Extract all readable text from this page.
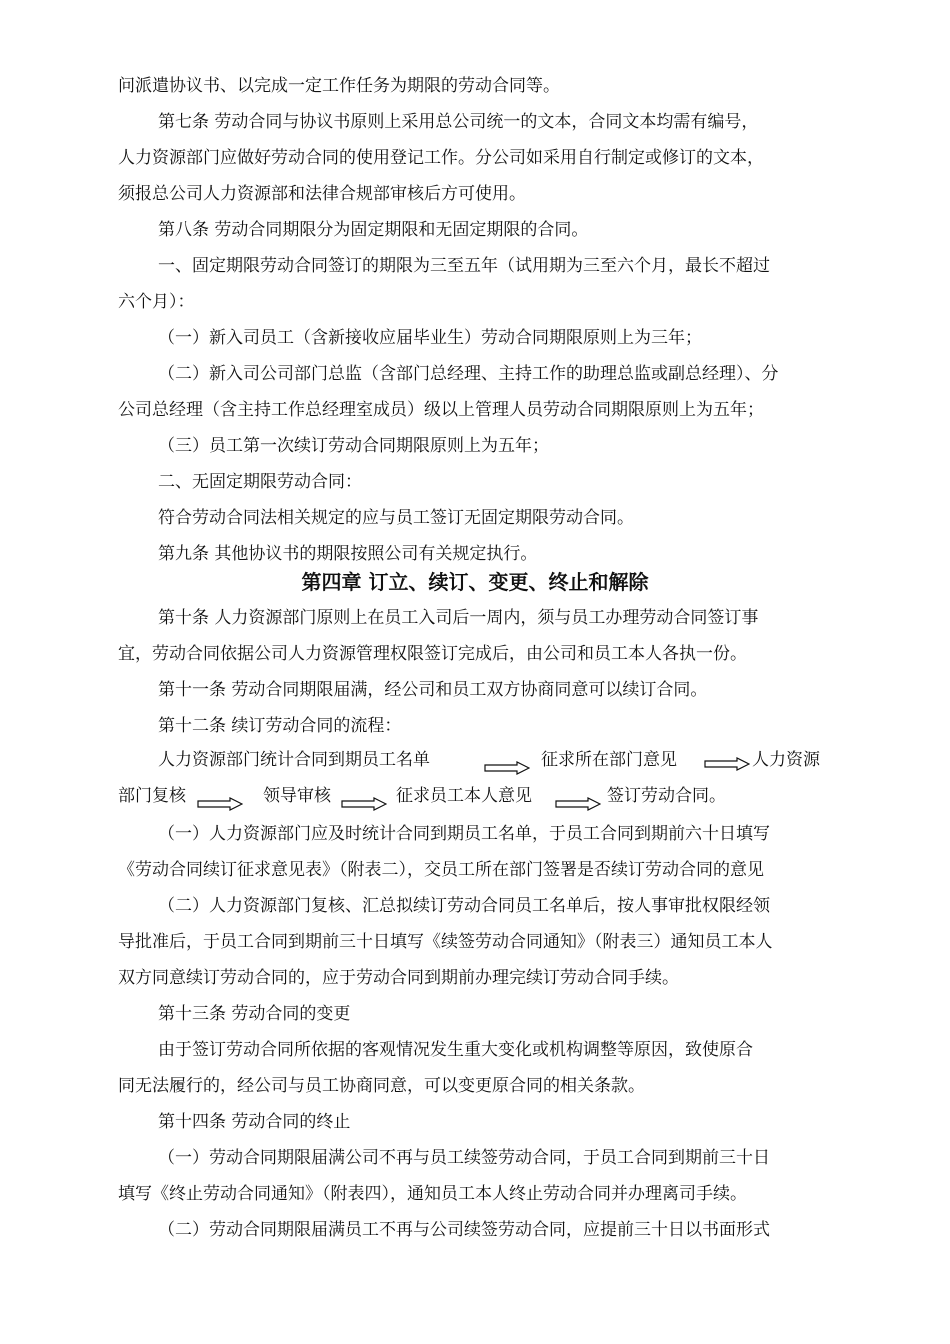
问派遣协议书、以完成一定工作任务为期限的劳动合同等。
第七条 劳动合同与协议书原则上采用总公司统一的文本，合同文本均需有编号，
人力资源部门应做好劳动合同的使用登记工作。分公司如采用自行制定或修订的文本，
须报总公司人力资源部和法律合规部审核后方可使用。
第八条 劳动合同期限分为固定期限和无固定期限的合同。
一、固定期限劳动合同签订的期限为三至五年（试用期为三至六个月，最长不超过
六个月）：
（一）新入司员工（含新接收应届毕业生）劳动合同期限原则上为三年；
（二）新入司公司部门总监（含部门总经理、主持工作的助理总监或副总经理）、分
公司总经理（含主持工作总经理室成员）级以上管理人员劳动合同期限原则上为五年；
（三）员工第一次续订劳动合同期限原则上为五年；
二、无固定期限劳动合同：
符合劳动合同法相关规定的应与员工签订无固定期限劳动合同。
第九条 其他协议书的期限按照公司有关规定执行。
第四章 订立、续订、变更、终止和解除
第十条 人力资源部门原则上在员工入司后一周内，须与员工办理劳动合同签订事
宜，劳动合同依据公司人力资源管理权限签订完成后，由公司和员工本人各执一份。
第十一条 劳动合同期限届满，经公司和员工双方协商同意可以续订合同。
第十二条 续订劳动合同的流程：
人力资源部门统计合同到期员工名单	征求所在部门意见	人力资源
部门复核	领导审核	征求员工本人意见	签订劳动合同。
（一）人力资源部门应及时统计合同到期员工名单，于员工合同到期前六十日填写
《劳动合同续订征求意见表》（附表二），交员工所在部门签署是否续订劳动合同的意见
（二）人力资源部门复核、汇总拟续订劳动合同员工名单后，按人事审批权限经领
导批准后，于员工合同到期前三十日填写《续签劳动合同通知》（附表三）通知员工本人
双方同意续订劳动合同的，应于劳动合同到期前办理完续订劳动合同手续。
第十三条 劳动合同的变更
由于签订劳动合同所依据的客观情况发生重大变化或机构调整等原因，致使原合
同无法履行的，经公司与员工协商同意，可以变更原合同的相关条款。
第十四条 劳动合同的终止
（一）劳动合同期限届满公司不再与员工续签劳动合同，于员工合同到期前三十日
填写《终止劳动合同通知》（附表四），通知员工本人终止劳动合同并办理离司手续。
（二）劳动合同期限届满员工不再与公司续签劳动合同，应提前三十日以书面形式
